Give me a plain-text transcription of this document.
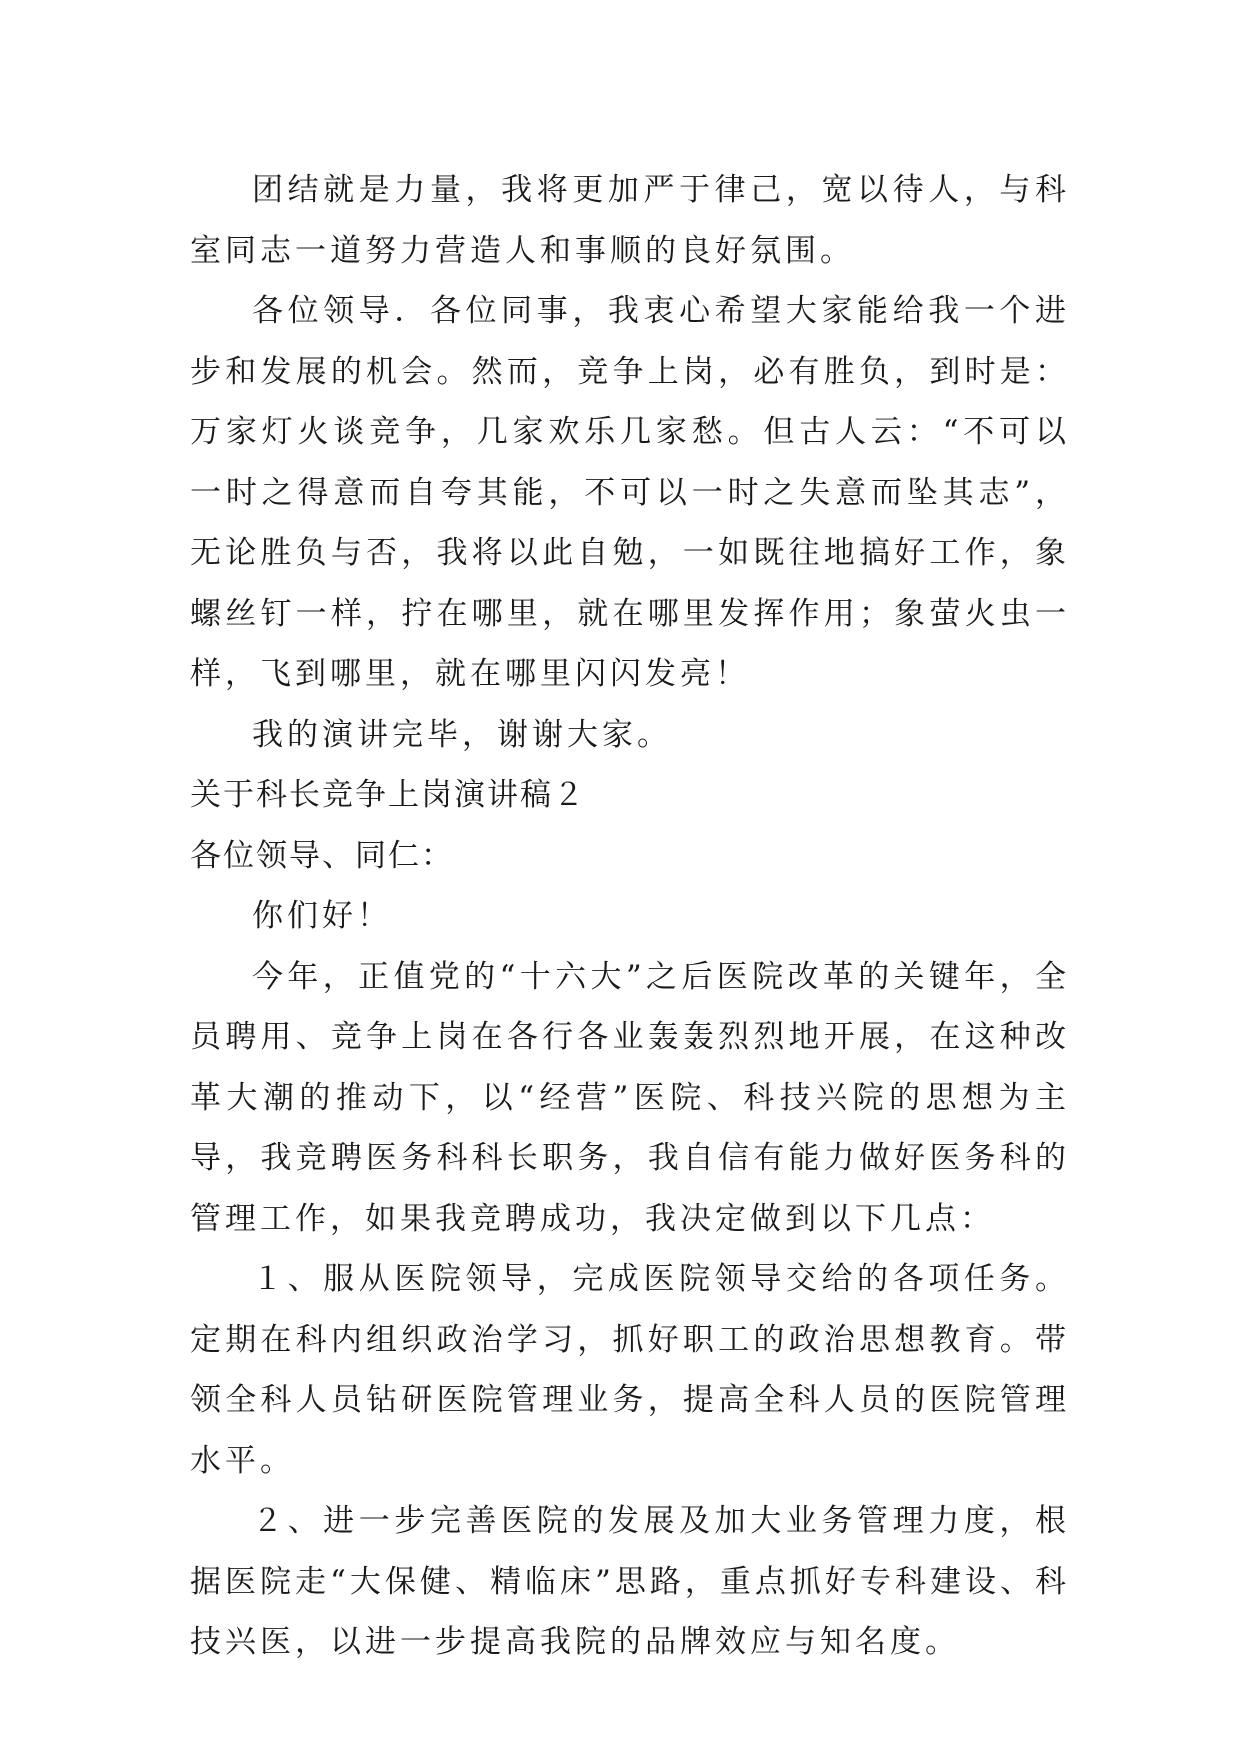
团结就是力量，我将更加严于律己，宽以待人，与科室同志一道努力营造人和事顺的良好氛围。

各位领导．各位同事，我衷心希望大家能给我一个进步和发展的机会。然而，竞争上岗，必有胜负，到时是：万家灯火谈竞争，几家欢乐几家愁。但古人云：“不可以一时之得意而自夸其能，不可以一时之失意而坠其志”，无论胜负与否，我将以此自勉，一如既往地搞好工作，象螺丝钉一样，拧在哪里，就在哪里发挥作用；象萤火虫一样，飞到哪里，就在哪里闪闪发亮！

我的演讲完毕，谢谢大家。

关于科长竞争上岗演讲稿２

各位领导、同仁：

你们好！

今年，正值党的“十六大”之后医院改革的关键年，全员聘用、竞争上岗在各行各业轰轰烈烈地开展，在这种改革大潮的推动下，以“经营”医院、科技兴院的思想为主导，我竞聘医务科科长职务，我自信有能力做好医务科的管理工作，如果我竞聘成功，我决定做到以下几点：

１、服从医院领导，完成医院领导交给的各项任务。定期在科内组织政治学习，抓好职工的政治思想教育。带领全科人员钻研医院管理业务，提高全科人员的医院管理水平。

２、进一步完善医院的发展及加大业务管理力度，根据医院走“大保健、精临床”思路，重点抓好专科建设、科技兴医，以进一步提高我院的品牌效应与知名度。
